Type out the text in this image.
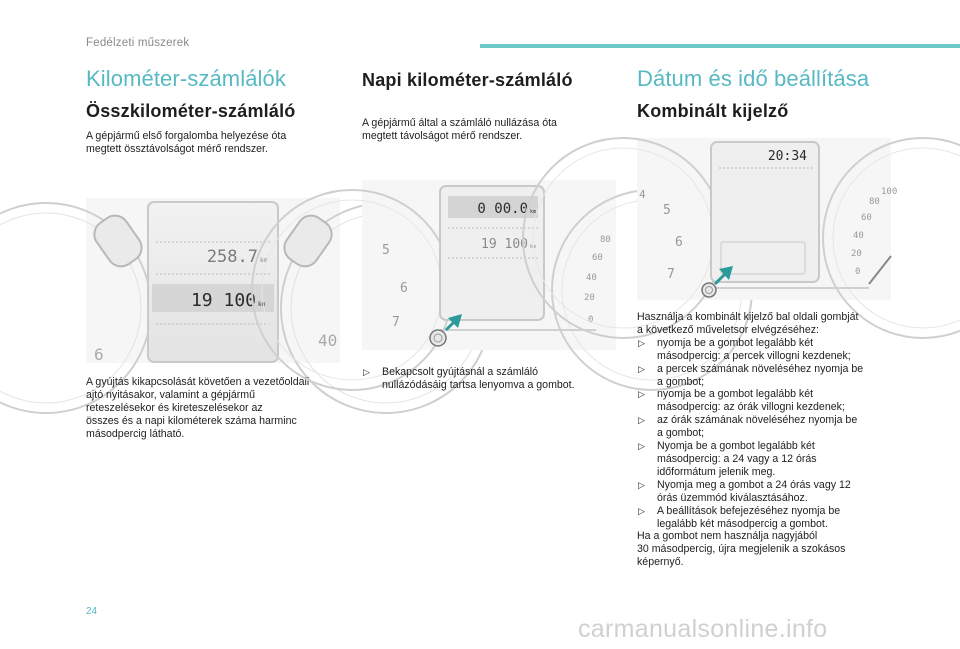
Fedélzeti műszerek
Kilométer-számlálók
Összkilométer-számláló
A gépjármű első forgalomba helyezése óta
megtett össztávolságot mérő rendszer.
6
40
258.7 km
19 100 km
A gyújtás kikapcsolását követően a vezetőoldali
ajtó nyitásakor, valamint a gépjármű
reteszelésekor és kireteszelésekor az
összes és a napi kilométerek száma harminc
másodpercig látható.
Napi kilométer-számláló
A gépjármű által a számláló nullázása óta
megtett távolságot mérő rendszer.
5
6
7
80
60
40
20
0
0 00.0 km
19 100 km
▷ Bekapcsolt gyújtásnál a számláló
nullázódásáig tartsa lenyomva a gombot.
Dátum és idő beállítása
Kombinált kijelző
4
5
6
7
100
80
60
40
20
0
20:34
Használja a kombinált kijelző bal oldali gombját
a következő műveletsor elvégzéséhez:
▷ nyomja be a gombot legalább két
másodpercig: a percek villogni kezdenek;
▷ a percek számának növeléséhez nyomja be
a gombot;
▷ nyomja be a gombot legalább két
másodpercig: az órák villogni kezdenek;
▷ az órák számának növeléséhez nyomja be
a gombot;
▷ Nyomja be a gombot legalább két
másodpercig: a 24 vagy a 12 órás
időformátum jelenik meg.
▷ Nyomja meg a gombot a 24 órás vagy 12
órás üzemmód kiválasztásához.
▷ A beállítások befejezéséhez nyomja be
legalább két másodpercig a gombot.
Ha a gombot nem használja nagyjából
30 másodpercig, újra megjelenik a szokásos
képernyő.
24
carmanualsonline.info
